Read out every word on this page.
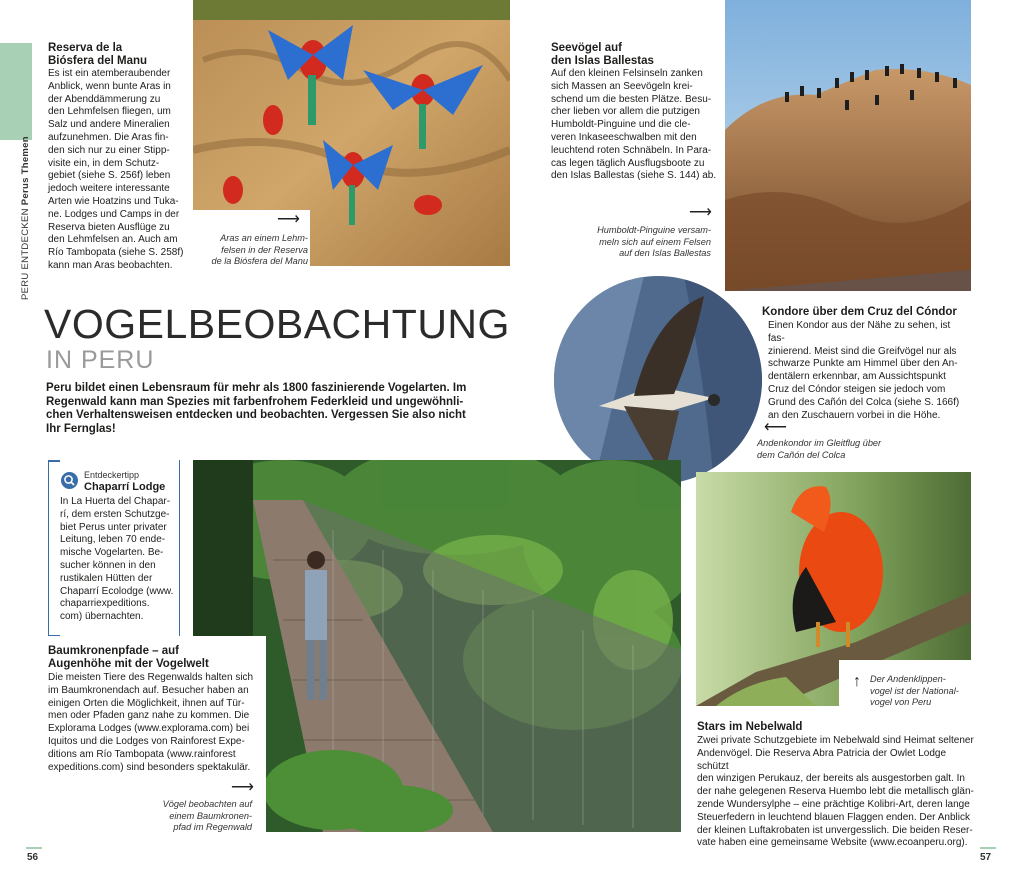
PERU ENTDECKEN Perus Themen
Reserva de la
Biósfera del Manu
Es ist ein atemberaubender
Anblick, wenn bunte Aras in
der Abenddämmerung zu
den Lehmfelsen fliegen, um
Salz und andere Mineralien
aufzunehmen. Die Aras fin-
den sich nur zu einer Stipp-
visite ein, in dem Schutz-
gebiet (siehe S. 256f) leben
jedoch weitere interessante
Arten wie Hoatzins und Tuka-
ne. Lodges und Camps in der
Reserva bieten Ausflüge zu
den Lehmfelsen an. Auch am
Río Tambopata (siehe S. 258f)
kann man Aras beobachten.
⟶
Aras an einem Lehm-
felsen in der Reserva
de la Biósfera del Manu
Seevögel auf
den Islas Ballestas
Auf den kleinen Felsinseln zanken
sich Massen an Seevögeln krei-
schend um die besten Plätze. Besu-
cher lieben vor allem die putzigen
Humboldt-Pinguine und die cle-
veren Inkaseeschwalben mit den
leuchtend roten Schnäbeln. In Para-
cas legen täglich Ausflugsboote zu
den Islas Ballestas (siehe S. 144) ab.
⟶
Humboldt-Pinguine versam-
meln sich auf einem Felsen
auf den Islas Ballestas
VOGELBEOBACHTUNG
IN PERU
Peru bildet einen Lebensraum für mehr als 1800 faszinierende Vogelarten. Im
Regenwald kann man Spezies mit farbenfrohem Federkleid und ungewöhnli-
chen Verhaltensweisen entdecken und beobachten. Vergessen Sie also nicht
Ihr Fernglas!
Kondore über dem Cruz del Cóndor
Einen Kondor aus der Nähe zu sehen, ist fas-
zinierend. Meist sind die Greifvögel nur als
schwarze Punkte am Himmel über den An-
dentälern erkennbar, am Aussichtspunkt
Cruz del Cóndor steigen sie jedoch vom
Grund des Cañón del Colca (siehe S. 166f)
an den Zuschauern vorbei in die Höhe.
⟵
Andenkondor im Gleitflug über
dem Cañón del Colca
Entdeckertipp
Chaparrí Lodge
In La Huerta del Chapar-
rí, dem ersten Schutzge-
biet Perus unter privater
Leitung, leben 70 ende-
mische Vogelarten. Be-
sucher können in den
rustikalen Hütten der
Chaparrí Ecolodge (www.
chaparriexpeditions.
com) übernachten.
Baumkronenpfade – auf
Augenhöhe mit der Vogelwelt
Die meisten Tiere des Regenwalds halten sich
im Baumkronendach auf. Besucher haben an
einigen Orten die Möglichkeit, ihnen auf Tür-
men oder Pfaden ganz nahe zu kommen. Die
Explorama Lodges (www.explorama.com) bei
Iquitos und die Lodges von Rainforest Expe-
ditions am Río Tambopata (www.rainforest
expeditions.com) sind besonders spektakulär.
⟶
Vögel beobachten auf
einem Baumkronen-
pfad im Regenwald
↑ Der Andenklippen-
vogel ist der National-
vogel von Peru
Stars im Nebelwald
Zwei private Schutzgebiete im Nebelwald sind Heimat seltener
Andenvögel. Die Reserva Abra Patricia der Owlet Lodge schützt
den winzigen Perukauz, der bereits als ausgestorben galt. In
der nahe gelegenen Reserva Huembo lebt die metallisch glän-
zende Wundersylphe – eine prächtige Kolibri-Art, deren lange
Steuerfedern in leuchtend blauen Flaggen enden. Der Anblick
der kleinen Luftakrobaten ist unvergesslich. Die beiden Reser-
vate haben eine gemeinsame Website (www.ecoanperu.org).
56	57
